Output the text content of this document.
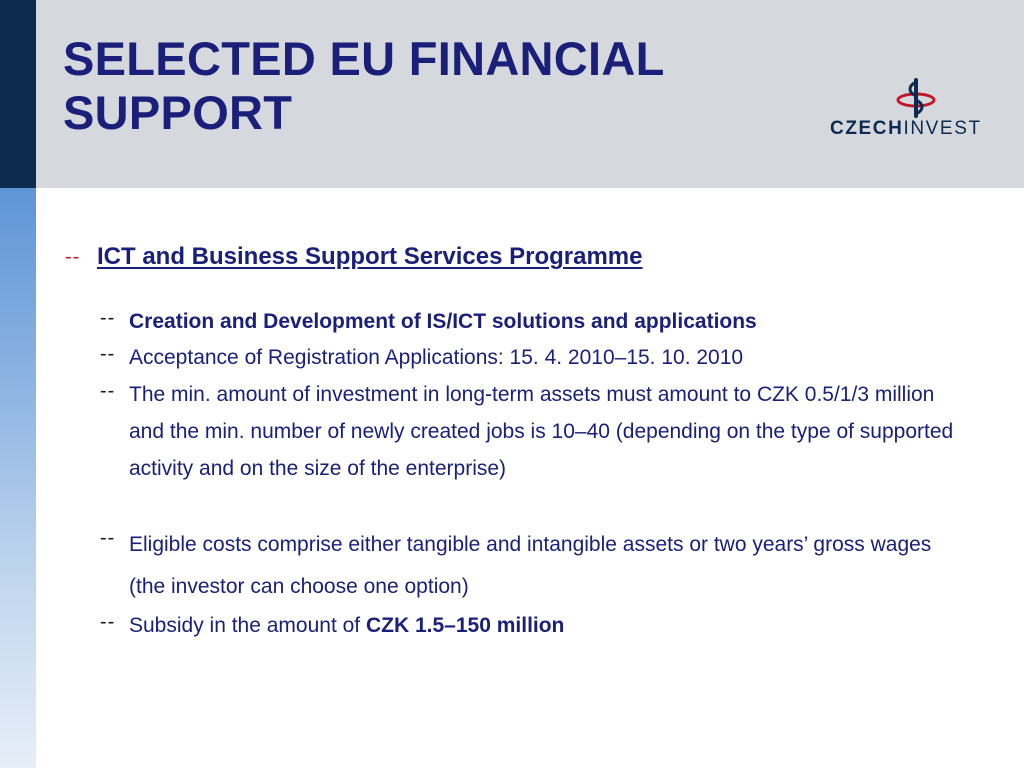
SELECTED EU FINANCIAL SUPPORT	CZECHINVEST
-- ICT and Business Support Services Programme
-- Creation and Development of IS/ICT solutions and applications
-- Acceptance of Registration Applications: 15. 4. 2010–15. 10. 2010
-- The min. amount of investment in long-term assets must amount to CZK 0.5/1/3 million and the min. number of newly created jobs is 10–40 (depending on the type of supported activity and on the size of the enterprise)
-- Eligible costs comprise either tangible and intangible assets or two years’ gross wages (the investor can choose one option)
-- Subsidy in the amount of CZK 1.5–150 million
